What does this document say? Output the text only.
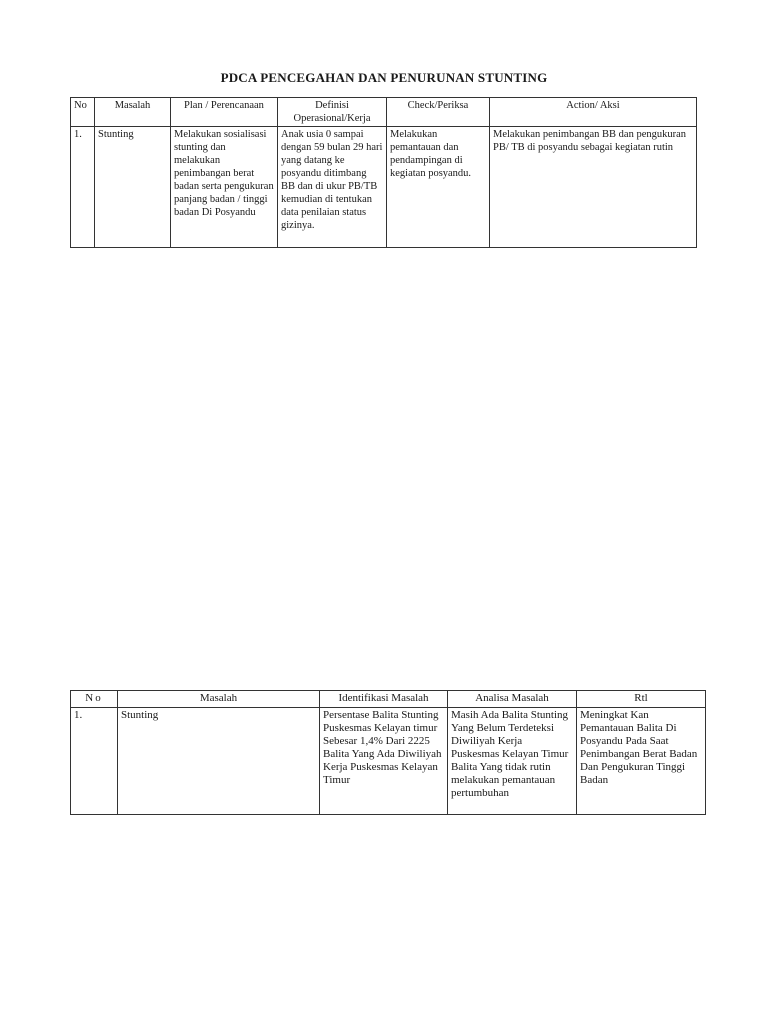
PDCA PENCEGAHAN DAN PENURUNAN STUNTING
No	Masalah	Plan / Perencanaan	Definisi Operasional/Kerja	Check/Periksa	Action/ Aksi
1.	Stunting	Melakukan sosialisasi stunting dan melakukan penimbangan berat badan serta pengukuran panjang badan / tinggi badan Di Posyandu	Anak usia 0 sampai dengan 59 bulan 29 hari yang datang ke posyandu ditimbang BB dan di ukur PB/TB kemudian di tentukan data penilaian status gizinya.	Melakukan pemantauan dan pendampingan di kegiatan posyandu.	Melakukan penimbangan BB dan pengukuran PB/ TB di posyandu sebagai kegiatan rutin
No	Masalah	Identifikasi Masalah	Analisa Masalah	Rtl
1.	Stunting	Persentase Balita Stunting Puskesmas Kelayan timur Sebesar 1,4% Dari 2225 Balita Yang Ada Diwiliyah Kerja Puskesmas Kelayan Timur	Masih Ada Balita Stunting Yang Belum Terdeteksi Diwiliyah Kerja Puskesmas Kelayan Timur Balita Yang tidak rutin melakukan pemantauan pertumbuhan	Meningkat Kan Pemantauan Balita Di Posyandu Pada Saat Penimbangan Berat Badan Dan Pengukuran Tinggi Badan
